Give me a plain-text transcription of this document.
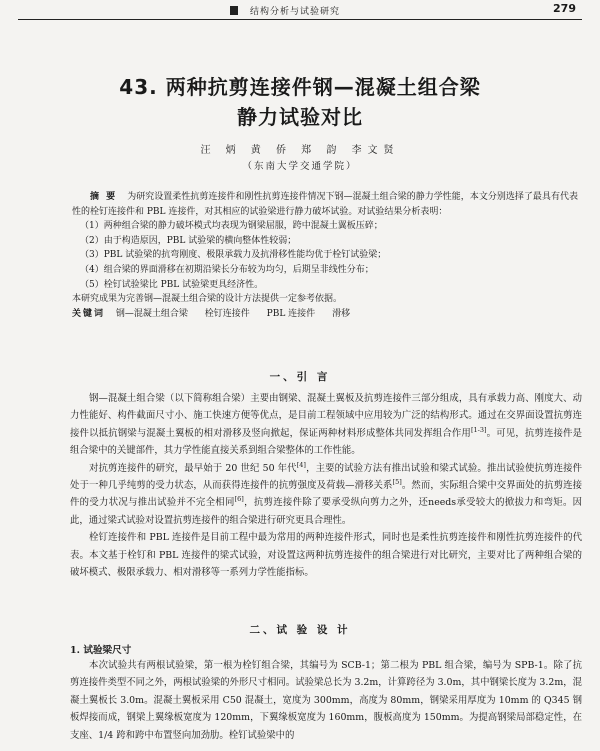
结构分析与试验研究	279
43. 两种抗剪连接件钢—混凝土组合梁
静力试验对比
汪 炳 黄 侨 郑 韵 李文贤
（东南大学交通学院）

摘 要 为研究设置柔性抗剪连接件和刚性抗剪连接件情况下钢—混凝土组合梁的静力学性能，本文分别选择了最具有代表性的栓钉连接件和 PBL 连接件，对其相应的试验梁进行静力破坏试验。对试验结果分析表明：

（1）两种组合梁的静力破坏模式均表现为钢梁屈服，跨中混凝土翼板压碎；

（2）由于构造原因，PBL 试验梁的横向整体性较弱；

（3）PBL 试验梁的抗弯刚度、极限承载力及抗滑移性能均优于栓钉试验梁；

（4）组合梁的界面滑移在初期沿梁长分布较为均匀，后期呈非线性分布；

（5）栓钉试验梁比 PBL 试验梁更具经济性。

本研究成果为完善钢—混凝土组合梁的设计方法提供一定参考依据。

关键词 钢—混凝土组合梁 栓钉连接件 PBL 连接件 滑移

一、引 言

钢—混凝土组合梁（以下简称组合梁）主要由钢梁、混凝土翼板及抗剪连接件三部分组成，具有承载力高、刚度大、动力性能好、构件截面尺寸小、施工快速方便等优点，是目前工程领域中应用较为广泛的结构形式。通过在交界面设置抗剪连接件以抵抗钢梁与混凝土翼板的相对滑移及竖向掀起，保证两种材料形成整体共同发挥组合作用[1-3]。可见，抗剪连接件是组合梁中的关键部件，其力学性能直接关系到组合梁整体的工作性能。

对抗剪连接件的研究，最早始于 20 世纪 50 年代[4]，主要的试验方法有推出试验和梁式试验。推出试验使抗剪连接件处于一种几乎纯剪的受力状态，从而获得连接件的抗剪强度及荷载—滑移关系[5]。然而，实际组合梁中交界面处的抗剪连接件的受力状况与推出试验并不完全相同[6]，抗剪连接件除了要承受纵向剪力之外，还needs承受较大的掀拔力和弯矩。因此，通过梁式试验对设置抗剪连接件的组合梁进行研究更具合理性。

栓钉连接件和 PBL 连接件是目前工程中最为常用的两种连接件形式，同时也是柔性抗剪连接件和刚性抗剪连接件的代表。本文基于栓钉和 PBL 连接件的梁式试验，对设置这两种抗剪连接件的组合梁进行对比研究，主要对比了两种组合梁的破坏模式、极限承载力、相对滑移等一系列力学性能指标。

二、试 验 设 计
1. 试验梁尺寸

本次试验共有两根试验梁，第一根为栓钉组合梁，其编号为 SCB-1；第二根为 PBL 组合梁，编号为 SPB-1。除了抗剪连接件类型不同之外，两根试验梁的外形尺寸相同。试验梁总长为 3.2m，计算跨径为 3.0m，其中钢梁长度为 3.2m，混凝土翼板长 3.0m。混凝土翼板采用 C50 混凝土，宽度为 300mm，高度为 80mm，钢梁采用厚度为 10mm 的 Q345 钢板焊接而成，钢梁上翼缘板宽度为 120mm，下翼缘板宽度为 160mm，腹板高度为 150mm。为提高钢梁局部稳定性，在支座、1/4 跨和跨中布置竖向加劲肋。栓钉试验梁中的
